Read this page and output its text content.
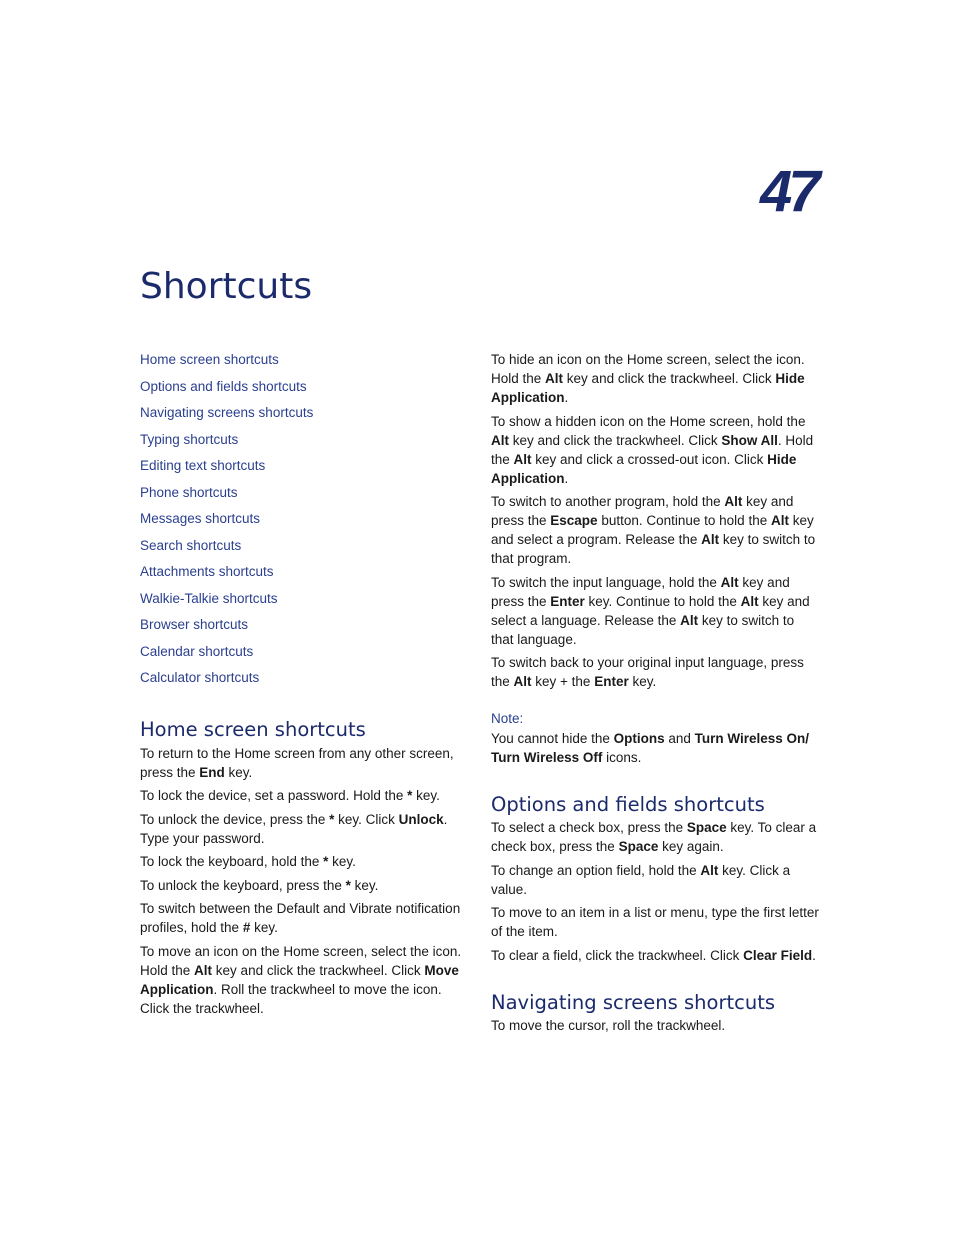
47
Shortcuts
Home screen shortcuts
Options and fields shortcuts
Navigating screens shortcuts
Typing shortcuts
Editing text shortcuts
Phone shortcuts
Messages shortcuts
Search shortcuts
Attachments shortcuts
Walkie-Talkie shortcuts
Browser shortcuts
Calendar shortcuts
Calculator shortcuts
Home screen shortcuts

To return to the Home screen from any other screen, press the End key.

To lock the device, set a password. Hold the * key.

To unlock the device, press the * key. Click Unlock. Type your password.

To lock the keyboard, hold the * key.

To unlock the keyboard, press the * key.

To switch between the Default and Vibrate notification profiles, hold the # key.

To move an icon on the Home screen, select the icon. Hold the Alt key and click the trackwheel. Click Move Application. Roll the trackwheel to move the icon. Click the trackwheel.

To hide an icon on the Home screen, select the icon. Hold the Alt key and click the trackwheel. Click Hide Application.

To show a hidden icon on the Home screen, hold the Alt key and click the trackwheel. Click Show All. Hold the Alt key and click a crossed-out icon. Click Hide Application.

To switch to another program, hold the Alt key and press the Escape button. Continue to hold the Alt key and select a program. Release the Alt key to switch to that program.

To switch the input language, hold the Alt key and press the Enter key. Continue to hold the Alt key and select a language. Release the Alt key to switch to that language.

To switch back to your original input language, press the Alt key + the Enter key.

Note:

You cannot hide the Options and Turn Wireless On/ Turn Wireless Off icons.

Options and fields shortcuts

To select a check box, press the Space key. To clear a check box, press the Space key again.

To change an option field, hold the Alt key. Click a value.

To move to an item in a list or menu, type the first letter of the item.

To clear a field, click the trackwheel. Click Clear Field.

Navigating screens shortcuts

To move the cursor, roll the trackwheel.
